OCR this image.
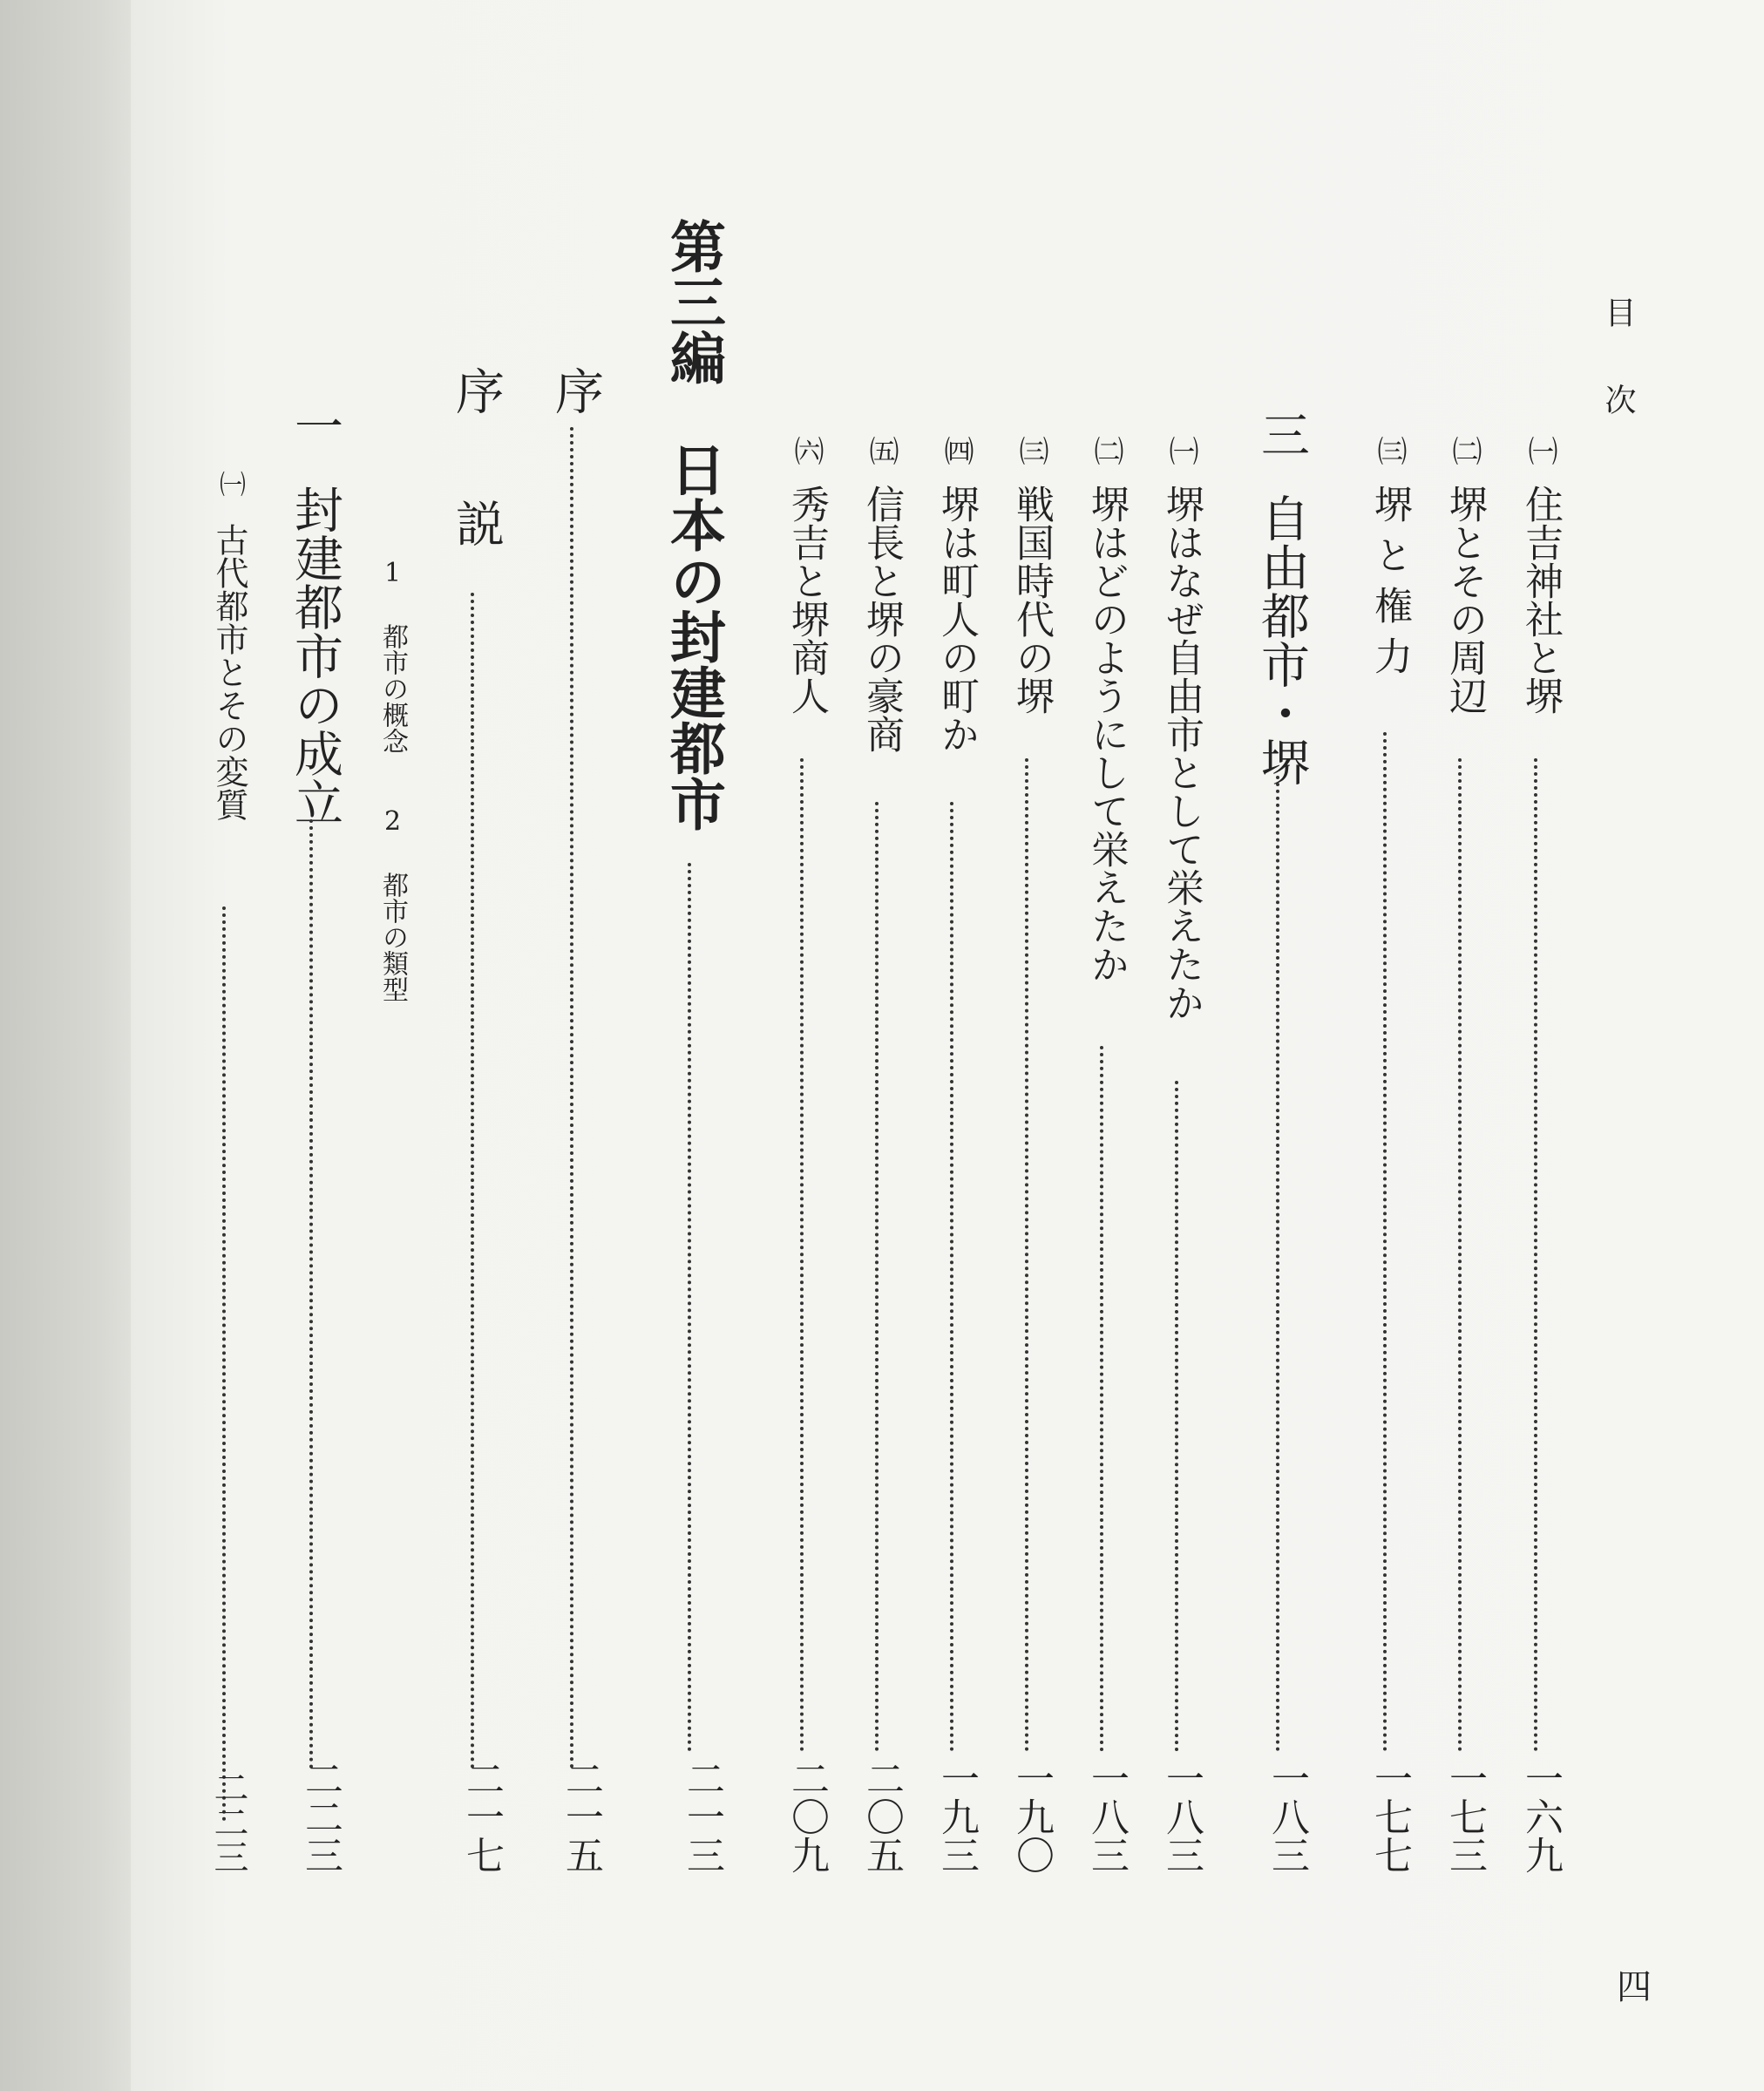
目　次
㈠住吉神社と堺
一六九
㈡堺とその周辺
一七三
㈢堺と権力
一七七
三自由都市・堺
一八三
㈠堺はなぜ自由市として栄えたか
一八三
㈡堺はどのようにして栄えたか
一八三
㈢戦国時代の堺
一九〇
㈣堺は町人の町か
一九三
㈤信長と堺の豪商
二〇五
㈥秀吉と堺商人
二〇九
第三編　日本の封建都市
二一三
序
二一五
序　説
二一七
1都市の概念2都市の類型
一封建都市の成立
二二三
㈠古代都市とその変質
二二三
四
